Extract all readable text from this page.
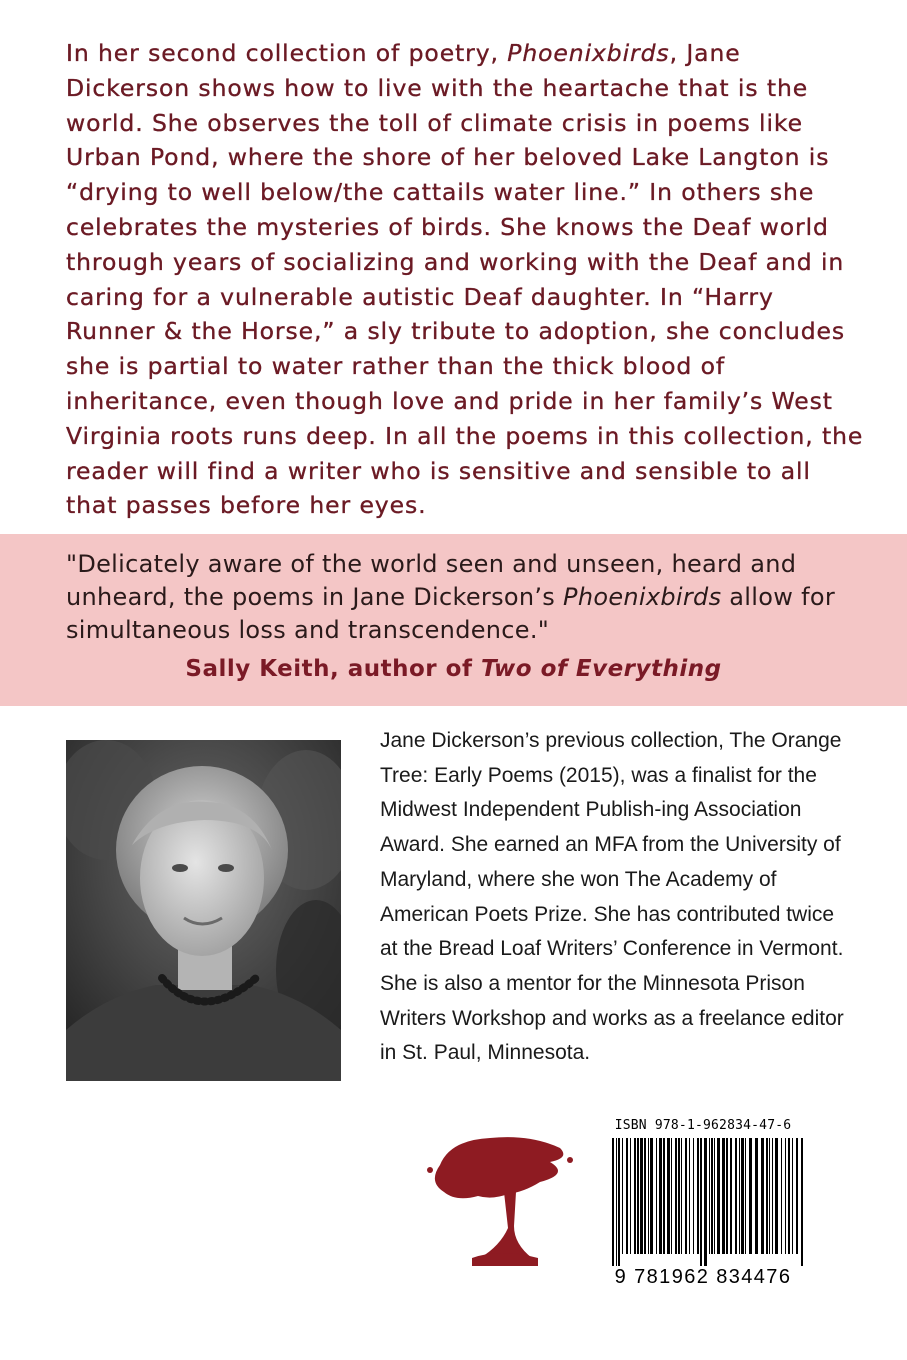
In her second collection of poetry, Phoenixbirds, Jane Dickerson shows how to live with the heartache that is the world. She observes the toll of climate crisis in poems like Urban Pond, where the shore of her beloved Lake Langton is “drying to well below/the cattails water line.” In others she celebrates the mysteries of birds. She knows the Deaf world through years of socializing and working with the Deaf and in caring for a vulnerable autistic Deaf daughter. In “Harry Runner & the Horse,” a sly tribute to adoption, she concludes she is partial to water rather than the thick blood of inheritance, even though love and pride in her family’s West Virginia roots runs deep. In all the poems in this collection, the reader will find a writer who is sensitive and sensible to all that passes before her eyes.

"Delicately aware of the world seen and unseen, heard and unheard, the poems in Jane Dickerson’s Phoenixbirds allow for simultaneous loss and transcendence."

Sally Keith, author of Two of Everything

Jane Dickerson’s previous collection, The Orange Tree: Early Poems (2015), was a finalist for the Midwest Independent Publish-ing Association Award. She earned an MFA from the University of Maryland, where she won The Academy of American Poets Prize. She has contributed twice at the Bread Loaf Writers’ Conference in Vermont. She is also a mentor for the Minnesota Prison Writers Workshop and works as a freelance editor in St. Paul, Minnesota.

ISBN 978-1-962834-47-6
9 781962 834476
